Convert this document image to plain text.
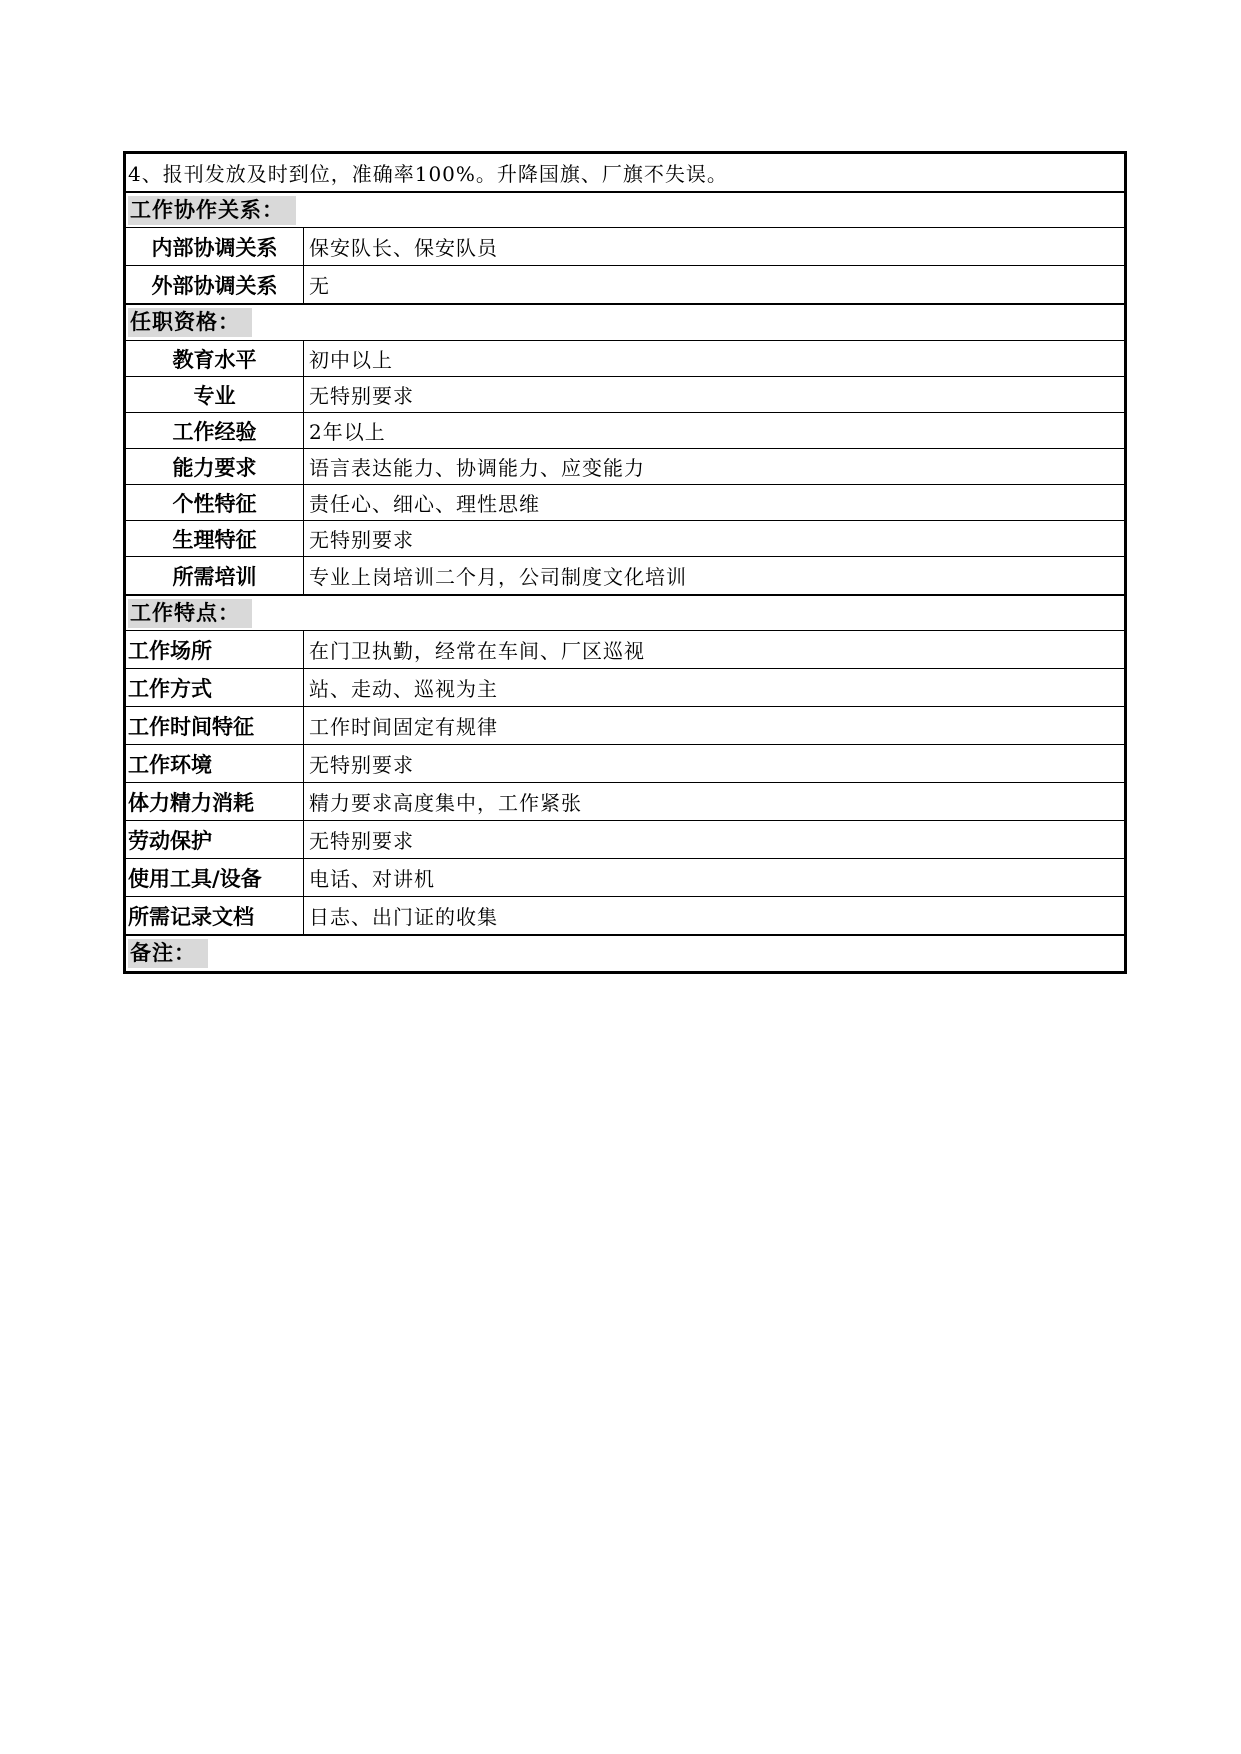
4、报刊发放及时到位，准确率100%。升降国旗、厂旗不失误。
工作协作关系：
内部协调关系	保安队长、保安队员
外部协调关系	无
任职资格：
教育水平	初中以上
专业	无特别要求
工作经验	2年以上
能力要求	语言表达能力、协调能力、应变能力
个性特征	责任心、细心、理性思维
生理特征	无特别要求
所需培训	专业上岗培训二个月，公司制度文化培训
工作特点：
工作场所	在门卫执勤，经常在车间、厂区巡视
工作方式	站、走动、巡视为主
工作时间特征	工作时间固定有规律
工作环境	无特别要求
体力精力消耗	精力要求高度集中，工作紧张
劳动保护	无特别要求
使用工具/设备	电话、对讲机
所需记录文档	日志、出门证的收集
备注：
